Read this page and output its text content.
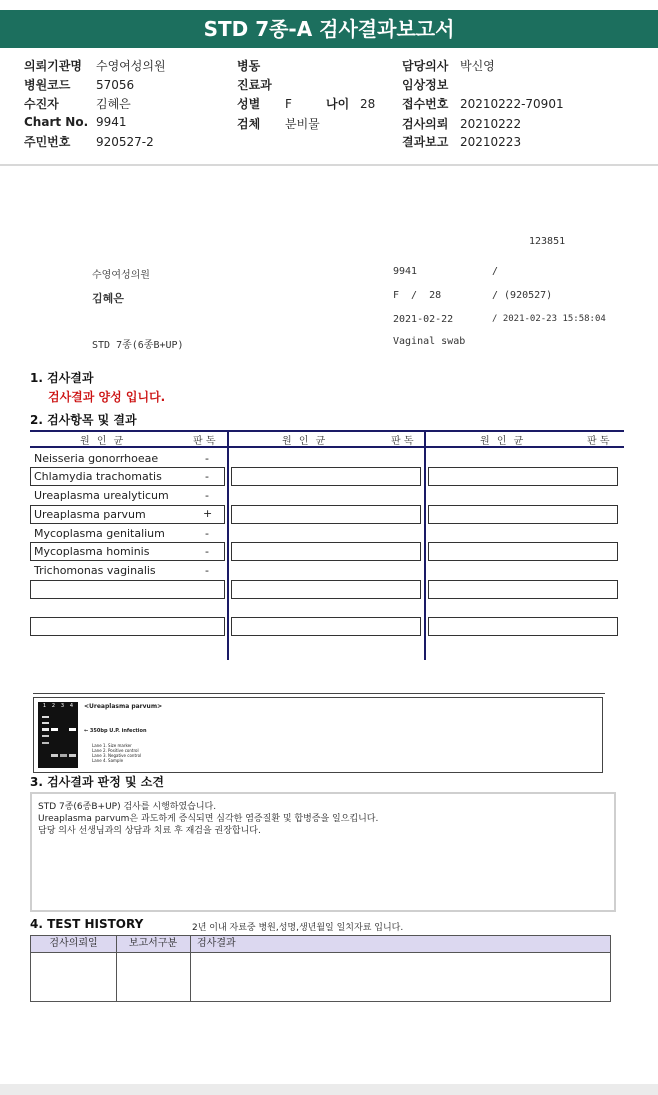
STD 7종-A 검사결과보고서
의뢰기관명 수영여성의원
병원코드 57056
수진자	김혜은
Chart No. 9941
주민번호 920527-2
병동
진료과
성별 F	나이 28
검체 분비물
담당의사 박신영
임상정보
접수번호 20210222-70901
검사의뢰 20210222
결과보고 20210223
123851
수영여성의원	9941	/
김혜은	F  /  28	/ (920527)
2021-02-22	/ 2021-02-23 15:58:04
STD 7종(6종B+UP)	Vaginal swab
1. 검사결과
검사결과 양성 입니다.
2. 검사항목 및 결과
원 인 균	판 독	원 인 균	판 독	원 인 균	판 독
Neisseria gonorrhoeae	-
Chlamydia trachomatis	-
Ureaplasma urealyticum	-
Ureaplasma parvum	+
Mycoplasma genitalium	-
Mycoplasma hominis	-
Trichomonas vaginalis	-
1 2 3 4 <Ureaplasma parvum>
← 350bp U.P. infection
Lane 1. Size marker
Lane 2. Positive control
Lane 3. Negative control
Lane 4. Sample
3. 검사결과 판정 및 소견
STD 7종(6종B+UP) 검사를 시행하였습니다.
Ureaplasma parvum은 과도하게 증식되면 심각한 염증질환 및 합병증을 일으킵니다.
담당 의사 선생님과의 상담과 치료 후 재검을 권장합니다.
4. TEST HISTORY	2년 이내 자료중 병원,성명,생년월일 일치자료 입니다.
검사의뢰일	보고서구분	검사결과
